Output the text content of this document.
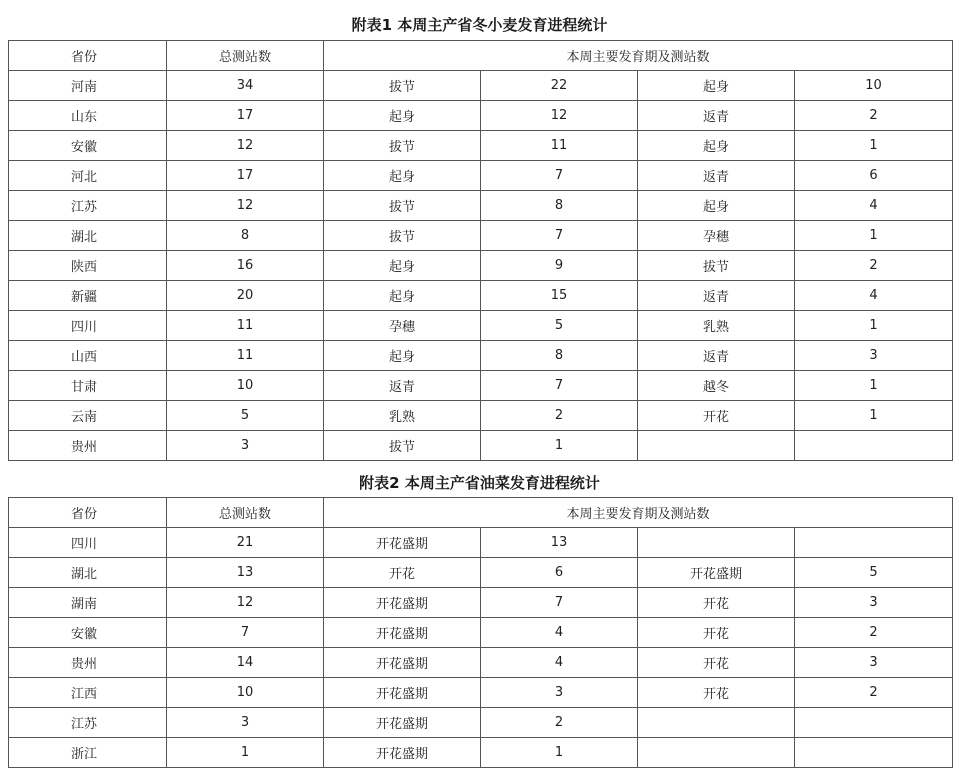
附表1 本周主产省冬小麦发育进程统计
省份	总测站数	本周主要发育期及测站数			
河南	34	拔节	22	起身	10
山东	17	起身	12	返青	2
安徽	12	拔节	11	起身	1
河北	17	起身	7	返青	6
江苏	12	拔节	8	起身	4
湖北	8	拔节	7	孕穗	1
陕西	16	起身	9	拔节	2
新疆	20	起身	15	返青	4
四川	11	孕穗	5	乳熟	1
山西	11	起身	8	返青	3
甘肃	10	返青	7	越冬	1
云南	5	乳熟	2	开花	1
贵州	3	拔节	1		
附表2 本周主产省油菜发育进程统计
省份	总测站数	本周主要发育期及测站数			
四川	21	开花盛期	13		
湖北	13	开花	6	开花盛期	5
湖南	12	开花盛期	7	开花	3
安徽	7	开花盛期	4	开花	2
贵州	14	开花盛期	4	开花	3
江西	10	开花盛期	3	开花	2
江苏	3	开花盛期	2		
浙江	1	开花盛期	1		
